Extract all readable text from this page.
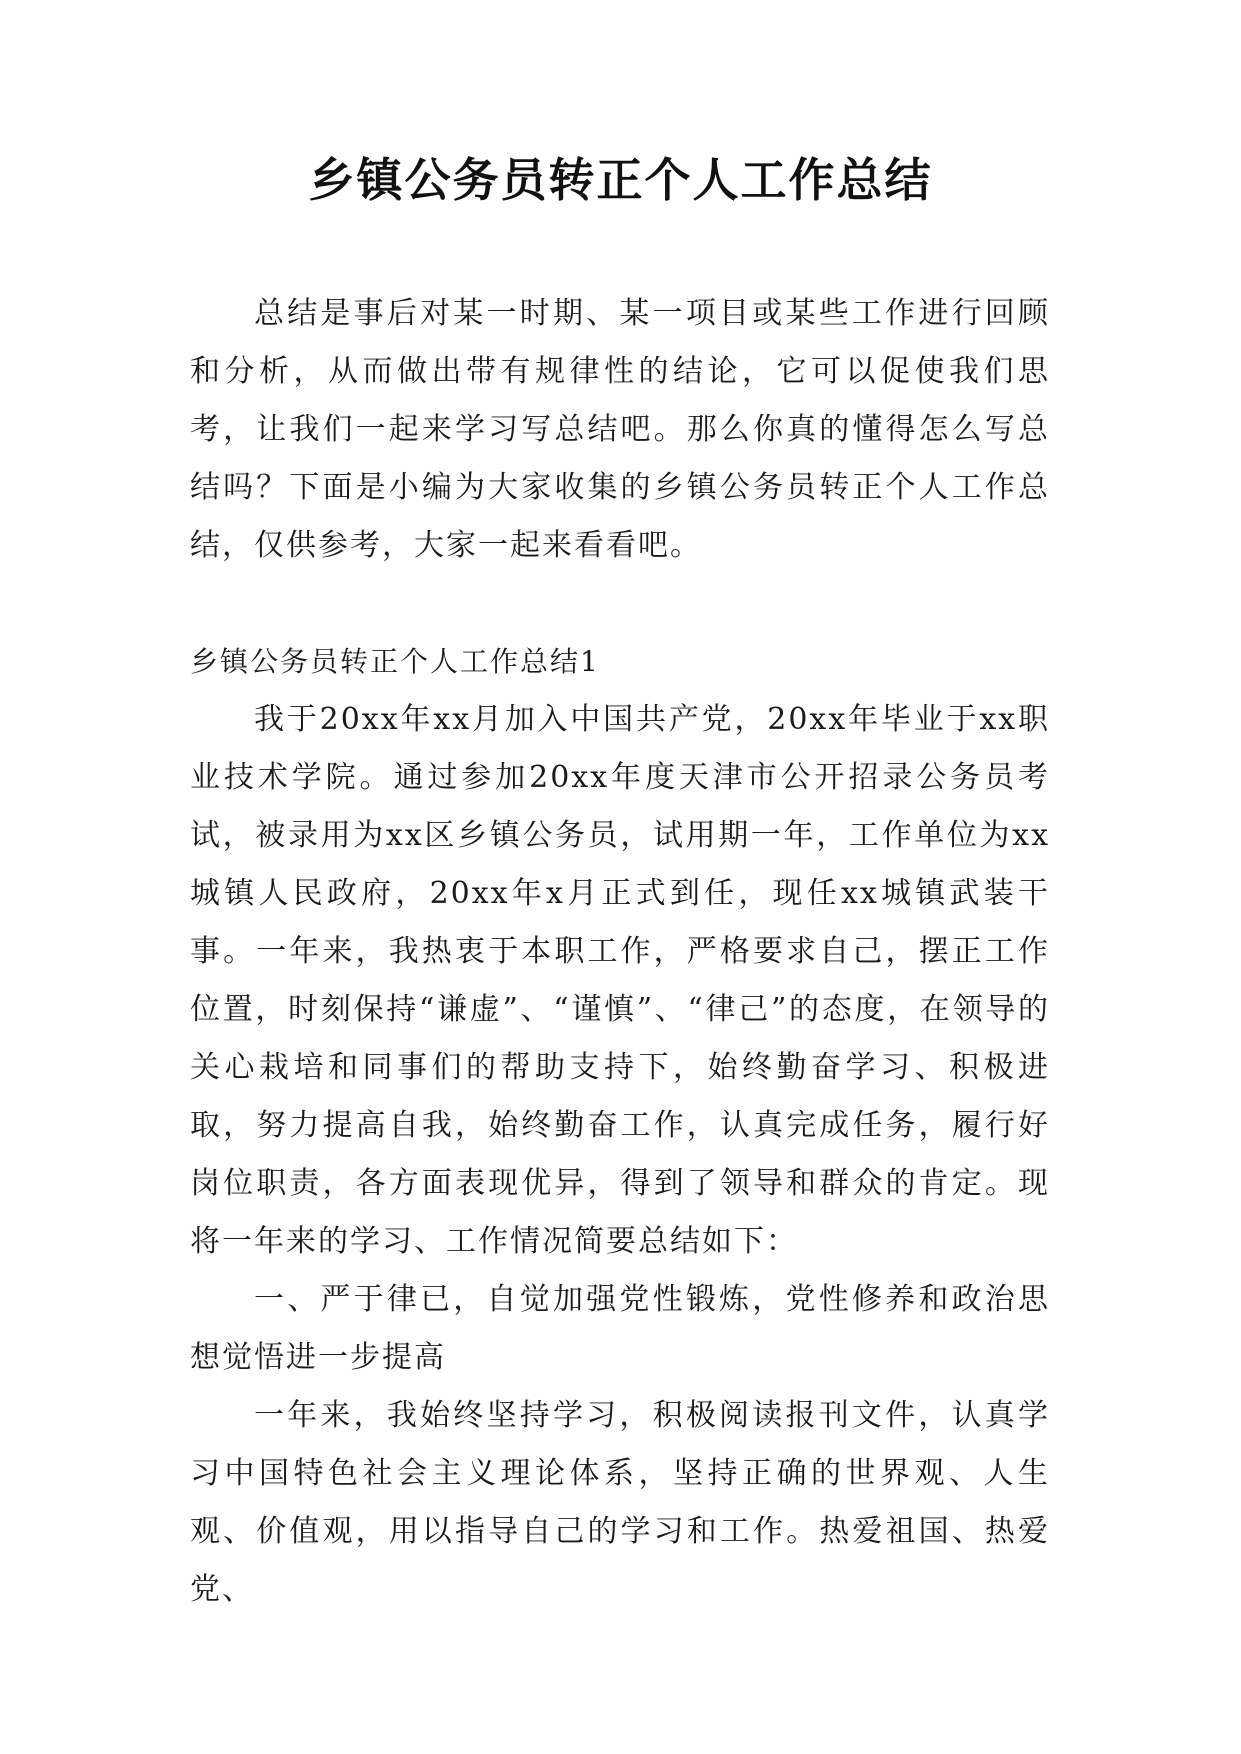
乡镇公务员转正个人工作总结

总结是事后对某一时期、某一项目或某些工作进行回顾和分析，从而做出带有规律性的结论，它可以促使我们思考，让我们一起来学习写总结吧。那么你真的懂得怎么写总结吗？下面是小编为大家收集的乡镇公务员转正个人工作总结，仅供参考，大家一起来看看吧。

乡镇公务员转正个人工作总结1

我于20xx年xx月加入中国共产党，20xx年毕业于xx职业技术学院。通过参加20xx年度天津市公开招录公务员考试，被录用为xx区乡镇公务员，试用期一年，工作单位为xx城镇人民政府，20xx年x月正式到任，现任xx城镇武装干事。一年来，我热衷于本职工作，严格要求自己，摆正工作位置，时刻保持“谦虚”、“谨慎”、“律己”的态度，在领导的关心栽培和同事们的帮助支持下，始终勤奋学习、积极进取，努力提高自我，始终勤奋工作，认真完成任务，履行好岗位职责，各方面表现优异，得到了领导和群众的肯定。现将一年来的学习、工作情况简要总结如下：

一、严于律已，自觉加强党性锻炼，党性修养和政治思想觉悟进一步提高

一年来，我始终坚持学习，积极阅读报刊文件，认真学习中国特色社会主义理论体系，坚持正确的世界观、人生观、价值观，用以指导自己的学习和工作。热爱祖国、热爱党、
